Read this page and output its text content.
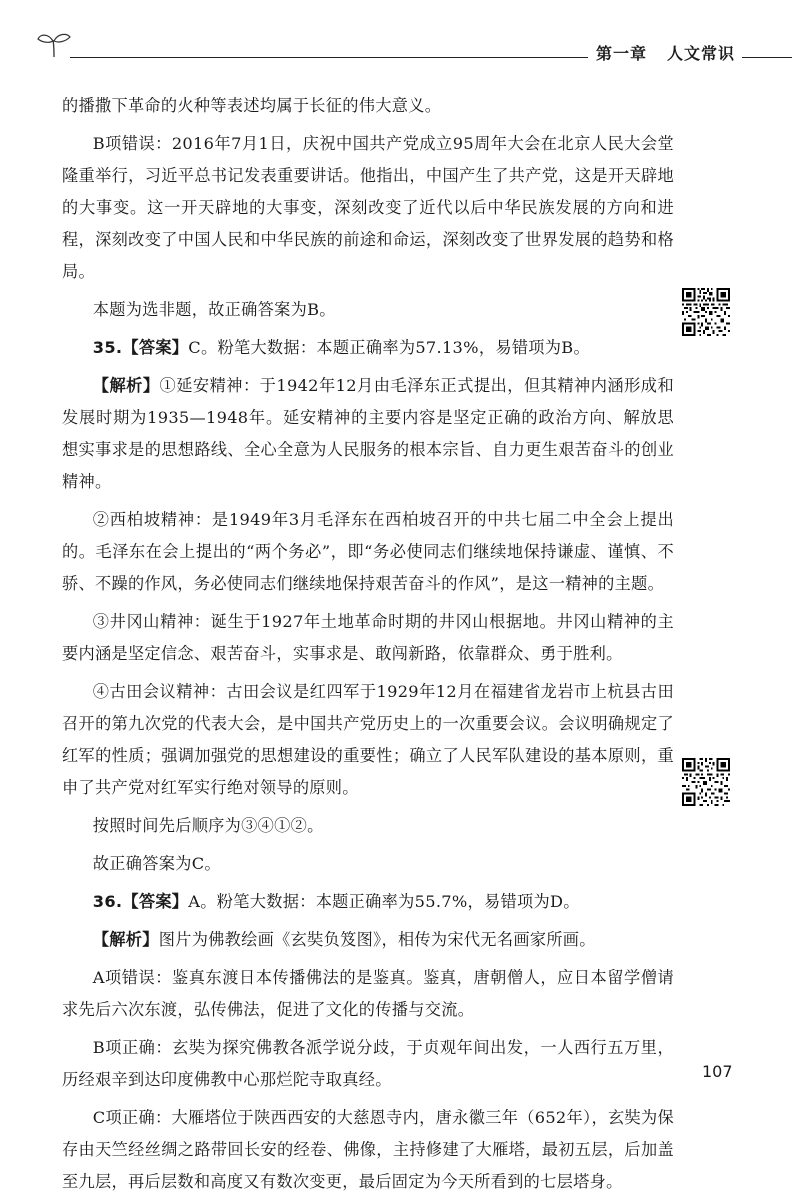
第一章 人文常识

的播撒下革命的火种等表述均属于长征的伟大意义。

B项错误：2016年7月1日，庆祝中国共产党成立95周年大会在北京人民大会堂隆重举行，习近平总书记发表重要讲话。他指出，中国产生了共产党，这是开天辟地的大事变。这一开天辟地的大事变，深刻改变了近代以后中华民族发展的方向和进程，深刻改变了中国人民和中华民族的前途和命运，深刻改变了世界发展的趋势和格局。

本题为选非题，故正确答案为B。

35.【答案】C。粉笔大数据：本题正确率为57.13%，易错项为B。

【解析】①延安精神：于1942年12月由毛泽东正式提出，但其精神内涵形成和发展时期为1935—1948年。延安精神的主要内容是坚定正确的政治方向、解放思想实事求是的思想路线、全心全意为人民服务的根本宗旨、自力更生艰苦奋斗的创业精神。

②西柏坡精神：是1949年3月毛泽东在西柏坡召开的中共七届二中全会上提出的。毛泽东在会上提出的“两个务必”，即“务必使同志们继续地保持谦虚、谨慎、不骄、不躁的作风，务必使同志们继续地保持艰苦奋斗的作风”，是这一精神的主题。

③井冈山精神：诞生于1927年土地革命时期的井冈山根据地。井冈山精神的主要内涵是坚定信念、艰苦奋斗，实事求是、敢闯新路，依靠群众、勇于胜利。

④古田会议精神：古田会议是红四军于1929年12月在福建省龙岩市上杭县古田召开的第九次党的代表大会，是中国共产党历史上的一次重要会议。会议明确规定了红军的性质；强调加强党的思想建设的重要性；确立了人民军队建设的基本原则，重申了共产党对红军实行绝对领导的原则。

按照时间先后顺序为③④①②。

故正确答案为C。

36.【答案】A。粉笔大数据：本题正确率为55.7%，易错项为D。

【解析】图片为佛教绘画《玄奘负笈图》，相传为宋代无名画家所画。

A项错误：鉴真东渡日本传播佛法的是鉴真。鉴真，唐朝僧人，应日本留学僧请求先后六次东渡，弘传佛法，促进了文化的传播与交流。

B项正确：玄奘为探究佛教各派学说分歧，于贞观年间出发，一人西行五万里，历经艰辛到达印度佛教中心那烂陀寺取真经。

C项正确：大雁塔位于陕西西安的大慈恩寺内，唐永徽三年（652年），玄奘为保存由天竺经丝绸之路带回长安的经卷、佛像，主持修建了大雁塔，最初五层，后加盖至九层，再后层数和高度又有数次变更，最后固定为今天所看到的七层塔身。

107
